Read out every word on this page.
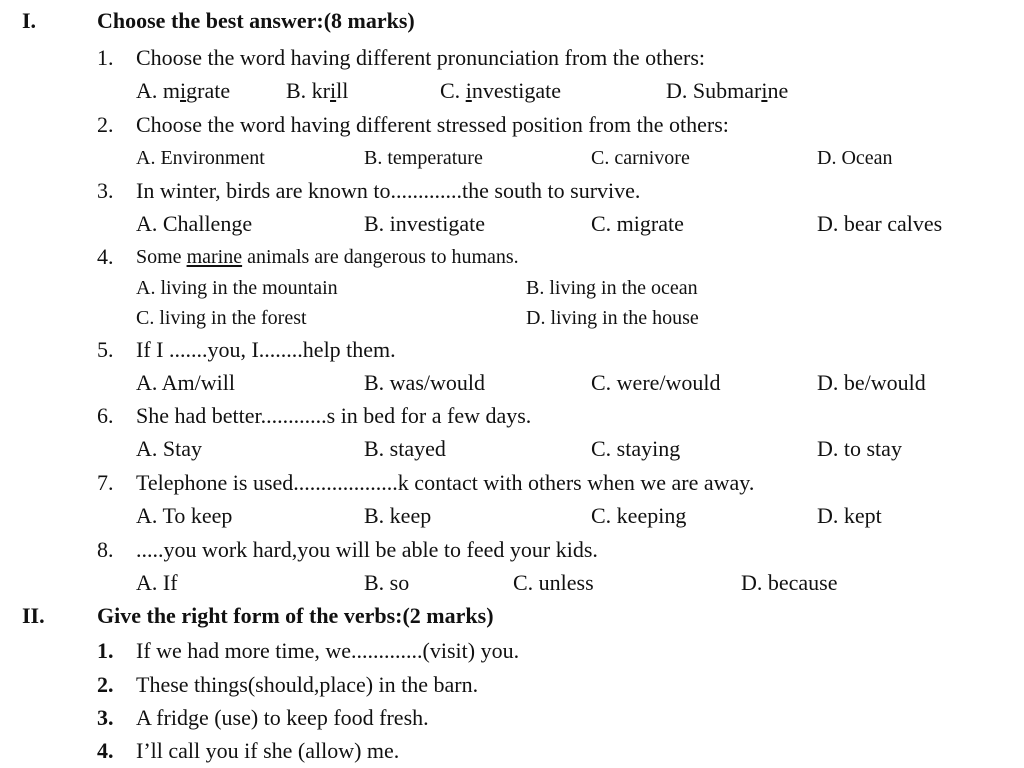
I.	Choose the best answer:(8 marks)
1. Choose the word having different pronunciation from the others:
A. migrate	B. krill	C. investigate	D. Submarine
2. Choose the word having different stressed position from the others:
A. Environment	B. temperature	C. carnivore	D. Ocean
3. In winter, birds are known to.............the south to survive.
A. Challenge	B. investigate	C. migrate	D. bear calves
4. Some marine animals are dangerous to humans.
A. living in the mountain	B. living in the ocean
C. living in the forest	D. living in the house
5. If I .......you, I........help them.
A. Am/will	B. was/would	C. were/would	D. be/would
6. She had better............s in bed for a few days.
A. Stay	B. stayed	C. staying	D. to stay
7. Telephone is used...................k contact with others when we are away.
A. To keep	B. keep	C. keeping	D. kept
8. .....you work hard,you will be able to feed your kids.
A. If	B. so	C. unless	D. because
II. Give the right form of the verbs:(2 marks)
1. If we had more time, we.............(visit) you.
2. These things(should,place) in the barn.
3. A fridge (use) to keep food fresh.
4. I’ll call you if she (allow) me.
